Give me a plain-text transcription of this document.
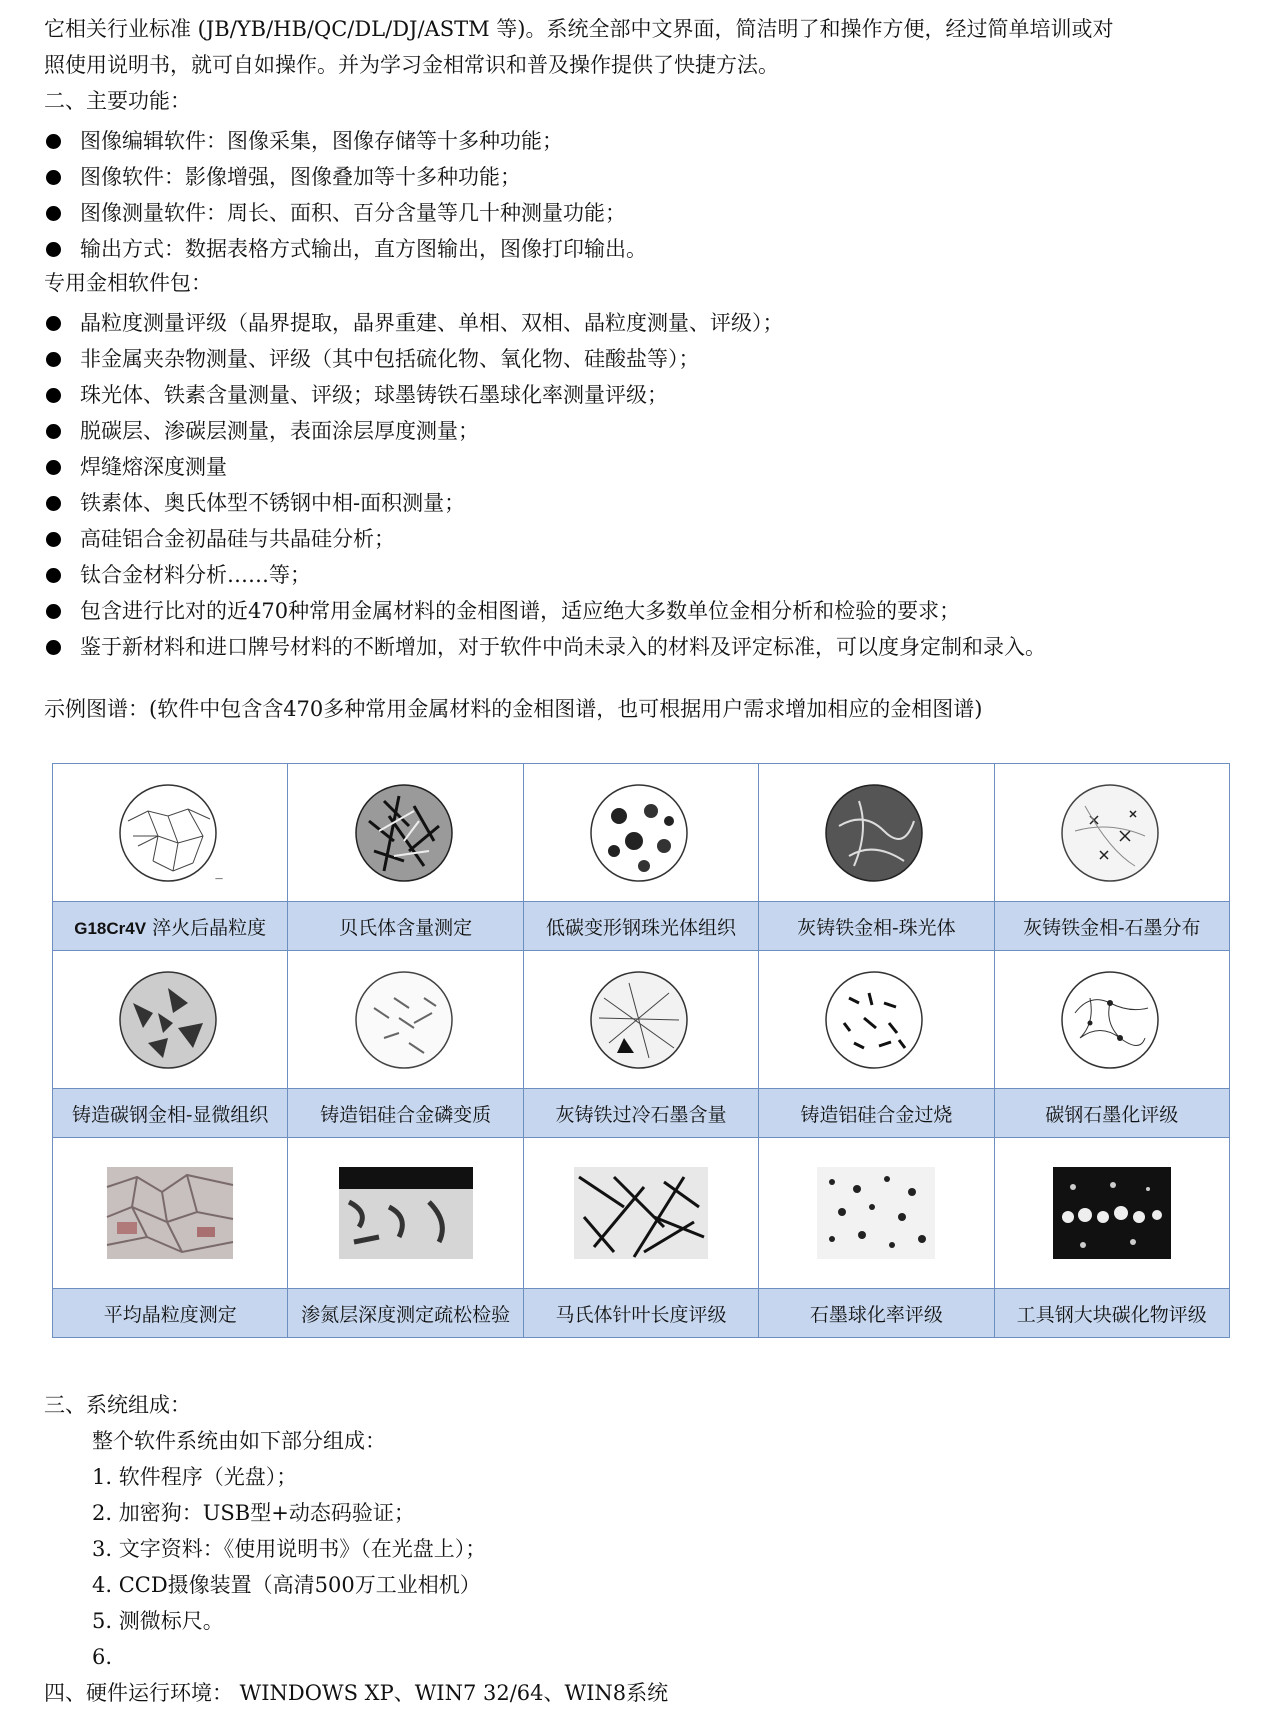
它相关行业标准 (JB/YB/HB/QC/DL/DJ/ASTM 等)。系统全部中文界面，简洁明了和操作方便，经过简单培训或对
照使用说明书，就可自如操作。并为学习金相常识和普及操作提供了快捷方法。
二、主要功能：
图像编辑软件：图像采集，图像存储等十多种功能；
图像软件：影像增强，图像叠加等十多种功能；
图像测量软件：周长、面积、百分含量等几十种测量功能；
输出方式：数据表格方式输出，直方图输出，图像打印输出。
专用金相软件包：
晶粒度测量评级（晶界提取，晶界重建、单相、双相、晶粒度测量、评级）；
非金属夹杂物测量、评级（其中包括硫化物、氧化物、硅酸盐等）；
珠光体、铁素含量测量、评级；球墨铸铁石墨球化率测量评级；
脱碳层、渗碳层测量，表面涂层厚度测量；
焊缝熔深度测量
铁素体、奥氏体型不锈钢中相-面积测量；
高硅铝合金初晶硅与共晶硅分析；
钛合金材料分析……等；
包含进行比对的近470种常用金属材料的金相图谱，适应绝大多数单位金相分析和检验的要求；
鉴于新材料和进口牌号材料的不断增加，对于软件中尚未录入的材料及评定标准，可以度身定制和录入。
示例图谱：(软件中包含含470多种常用金属材料的金相图谱，也可根据用户需求增加相应的金相图谱)
—

G18Cr4V 淬火后晶粒度	贝氏体含量测定	低碳变形钢珠光体组织	灰铸铁金相-珠光体	灰铸铁金相-石墨分布

铸造碳钢金相-显微组织	铸造铝硅合金磷变质	灰铸铁过冷石墨含量	铸造铝硅合金过烧	碳钢石墨化评级

平均晶粒度测定	渗氮层深度测定疏松检验	马氏体针叶长度评级	石墨球化率评级	工具钢大块碳化物评级
三、系统组成：
整个软件系统由如下部分组成：
1. 软件程序（光盘）；
2. 加密狗：USB型+动态码验证；
3. 文字资料：《使用说明书》（在光盘上）；
4. CCD摄像装置（高清500万工业相机）
5. 测微标尺。
6.
四、硬件运行环境： WINDOWS XP、WIN7 32/64、WIN8系统
